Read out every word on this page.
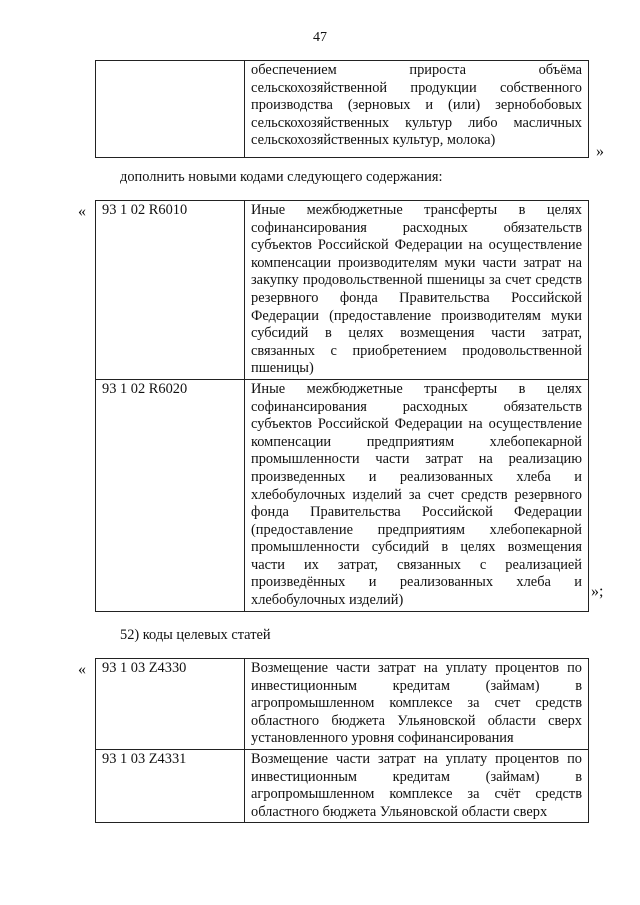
47
	обеспечением прироста объёма сельскохозяйственной продукции собственного производства (зерновых и (или) зернобобовых сельскохозяйственных культур либо масличных сельскохозяйственных культур, молока)
»
дополнить новыми кодами следующего содержания:
« 93 1 02 R6010	Иные межбюджетные трансферты в целях софинансирования расходных обязательств субъектов Российской Федерации на осуществление компенсации производителям муки части затрат на закупку продовольственной пшеницы за счет средств резервного фонда Правительства Российской Федерации (предоставление производителям муки субсидий в целях возмещения части затрат, связанных с приобретением продовольственной пшеницы)
93 1 02 R6020	Иные межбюджетные трансферты в целях софинансирования расходных обязательств субъектов Российской Федерации на осуществление компенсации предприятиям хлебопекарной промышленности части затрат на реализацию произведенных и реализованных хлеба и хлебобулочных изделий за счет средств резервного фонда Правительства Российской Федерации (предоставление предприятиям хлебопекарной промышленности субсидий в целях возмещения части их затрат, связанных с реализацией произведённых и реализованных хлеба и хлебобулочных изделий)
»;
52) коды целевых статей
« 93 1 03 Z4330	Возмещение части затрат на уплату процентов по инвестиционным кредитам (займам) в агропромышленном комплексе за счет средств областного бюджета Ульяновской области сверх установленного уровня софинансирования
93 1 03 Z4331	Возмещение части затрат на уплату процентов по инвестиционным кредитам (займам) в агропромышленном комплексе за счёт средств областного бюджета Ульяновской области сверх
